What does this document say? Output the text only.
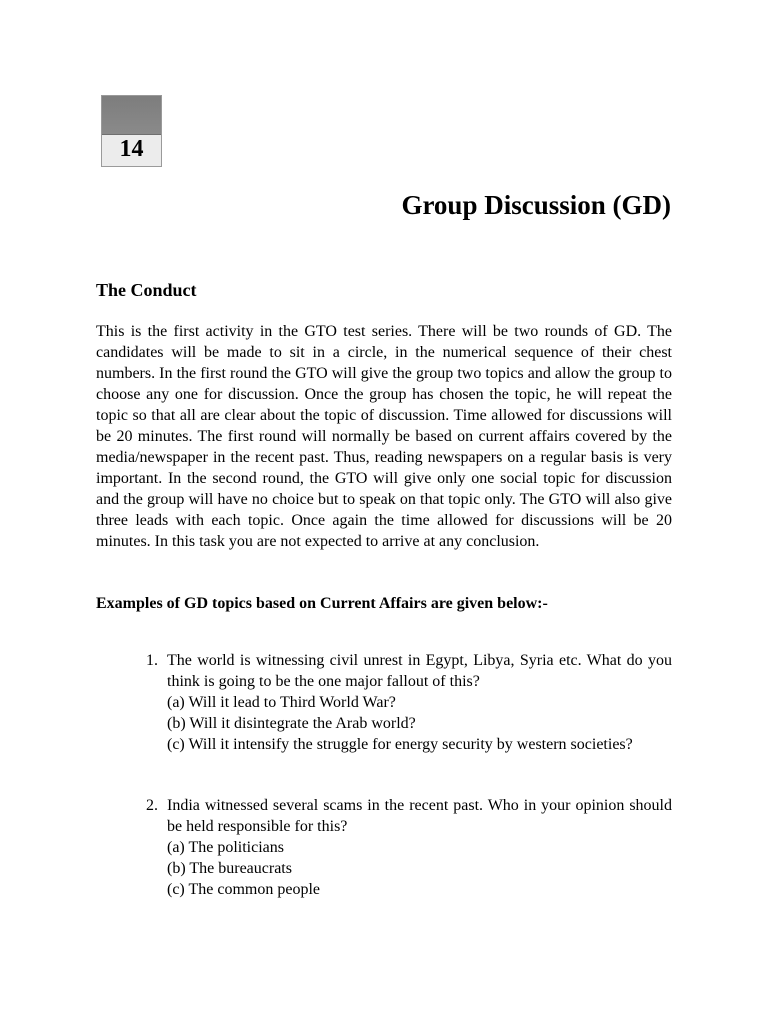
14
Group Discussion (GD)
The Conduct

This is the first activity in the GTO test series. There will be two rounds of GD. The candidates will be made to sit in a circle, in the numerical sequence of their chest numbers. In the first round the GTO will give the group two topics and allow the group to choose any one for discussion. Once the group has chosen the topic, he will repeat the topic so that all are clear about the topic of discussion. Time allowed for discussions will be 20 minutes. The first round will normally be based on current affairs covered by the media/newspaper in the recent past. Thus, reading newspapers on a regular basis is very important. In the second round, the GTO will give only one social topic for discussion and the group will have no choice but to speak on that topic only. The GTO will also give three leads with each topic. Once again the time allowed for discussions will be 20 minutes. In this task you are not expected to arrive at any conclusion.

Examples of GD topics based on Current Affairs are given below:-
1. The world is witnessing civil unrest in Egypt, Libya, Syria etc. What do you think is going to be the one major fallout of this?

(a) Will it lead to Third World War?

(b) Will it disintegrate the Arab world?

(c) Will it intensify the struggle for energy security by western societies?

2. India witnessed several scams in the recent past. Who in your opinion should be held responsible for this?

(a) The politicians

(b) The bureaucrats

(c) The common people
